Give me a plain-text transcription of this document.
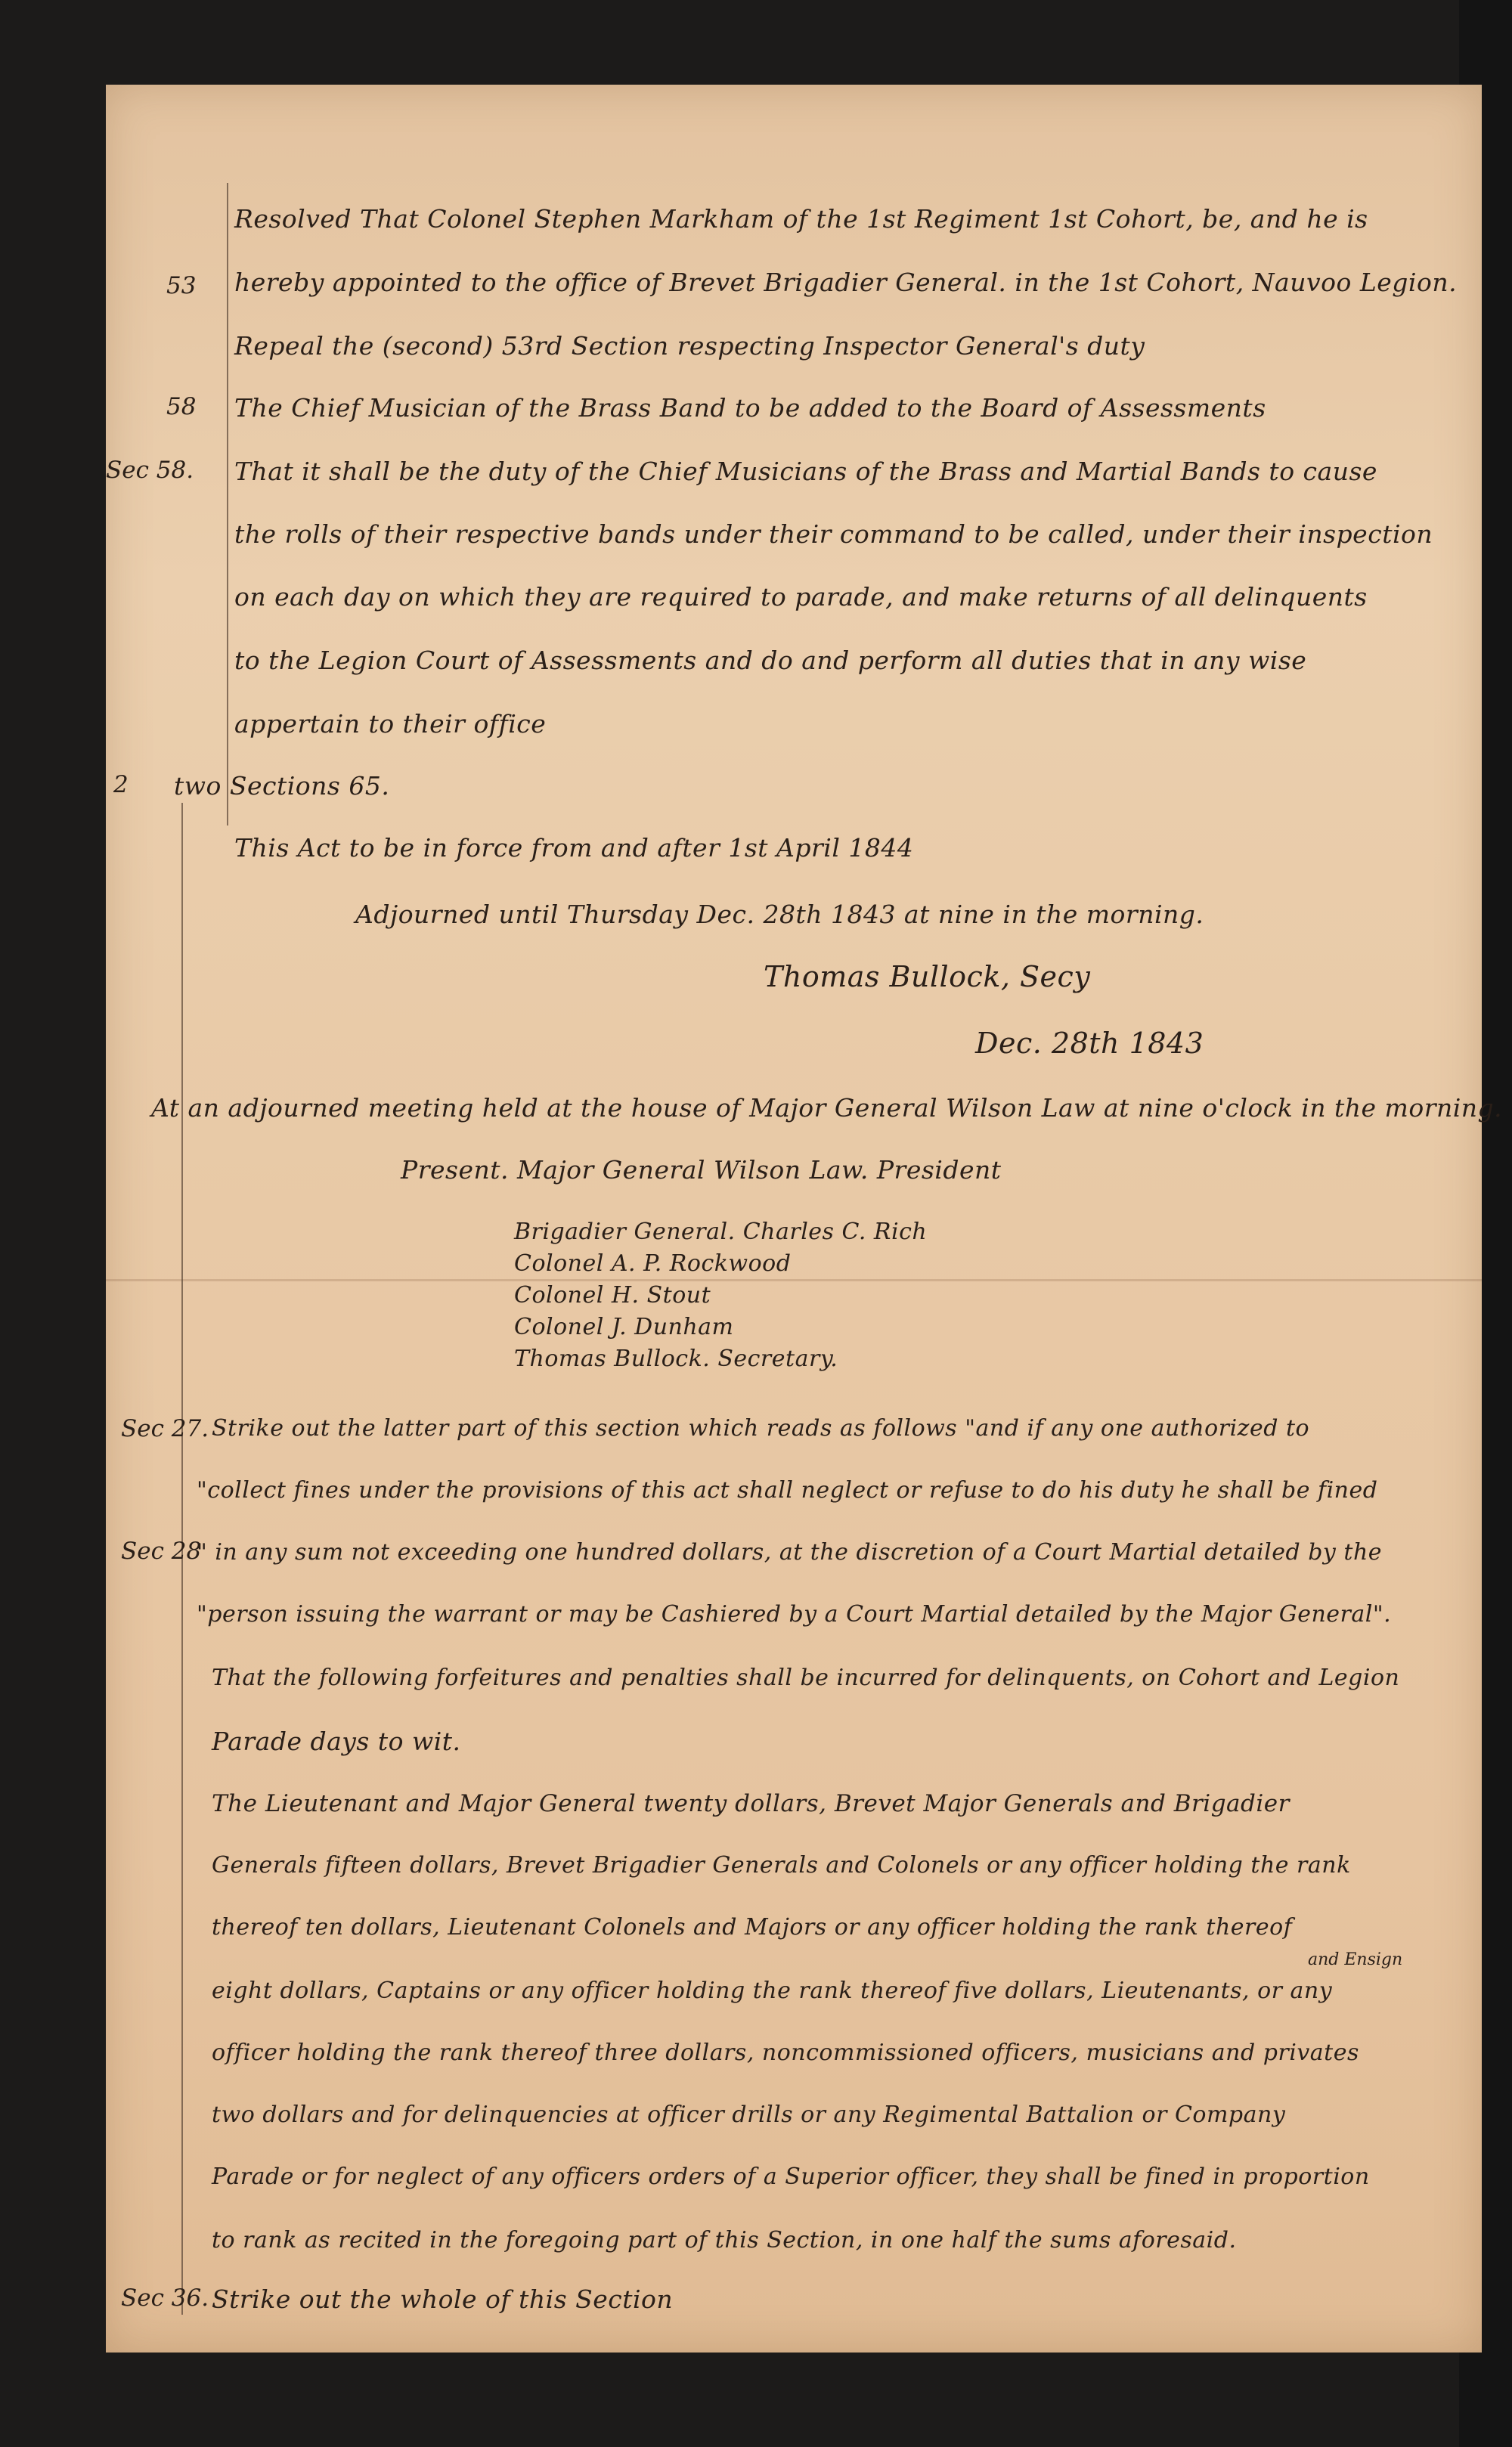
53
58
Sec 58.
2
Sec 27.
Sec 28
Sec 36.
Resolved That Colonel Stephen Markham of the 1st Regiment 1st Cohort, be, and he is
hereby appointed to the office of Brevet Brigadier General. in the 1st Cohort, Nauvoo Legion.
Repeal the (second) 53rd Section respecting Inspector General's duty
The Chief Musician of the Brass Band to be added to the Board of Assessments
That it shall be the duty of the Chief Musicians of the Brass and Martial Bands to cause
the rolls of their respective bands under their command to be called, under their inspection
on each day on which they are required to parade, and make returns of all delinquents
to the Legion Court of Assessments and do and perform all duties that in any wise
appertain to their office
two Sections 65.
This Act to be in force from and after 1st April 1844
Adjourned until Thursday Dec. 28th 1843 at nine in the morning.
Thomas Bullock, Secy
Dec. 28th 1843
At an adjourned meeting held at the house of Major General Wilson Law at nine o'clock in the morning.
Present. Major General Wilson Law. President
Brigadier General. Charles C. Rich
Colonel A. P. Rockwood
Colonel H. Stout
Colonel J. Dunham
Thomas Bullock. Secretary.
Strike out the latter part of this section which reads as follows "and if any one authorized to
"collect fines under the provisions of this act shall neglect or refuse to do his duty he shall be fined
" in any sum not exceeding one hundred dollars, at the discretion of a Court Martial detailed by the
"person issuing the warrant or may be Cashiered by a Court Martial detailed by the Major General".
That the following forfeitures and penalties shall be incurred for delinquents, on Cohort and Legion
Parade days to wit.
The Lieutenant and Major General twenty dollars, Brevet Major Generals and Brigadier
Generals fifteen dollars, Brevet Brigadier Generals and Colonels or any officer holding the rank
thereof ten dollars, Lieutenant Colonels and Majors or any officer holding the rank thereof
and Ensign
eight dollars, Captains or any officer holding the rank thereof five dollars, Lieutenants, or any
officer holding the rank thereof three dollars, noncommissioned officers, musicians and privates
two dollars and for delinquencies at officer drills or any Regimental Battalion or Company
Parade or for neglect of any officers orders of a Superior officer, they shall be fined in proportion
to rank as recited in the foregoing part of this Section, in one half the sums aforesaid.
Strike out the whole of this Section
